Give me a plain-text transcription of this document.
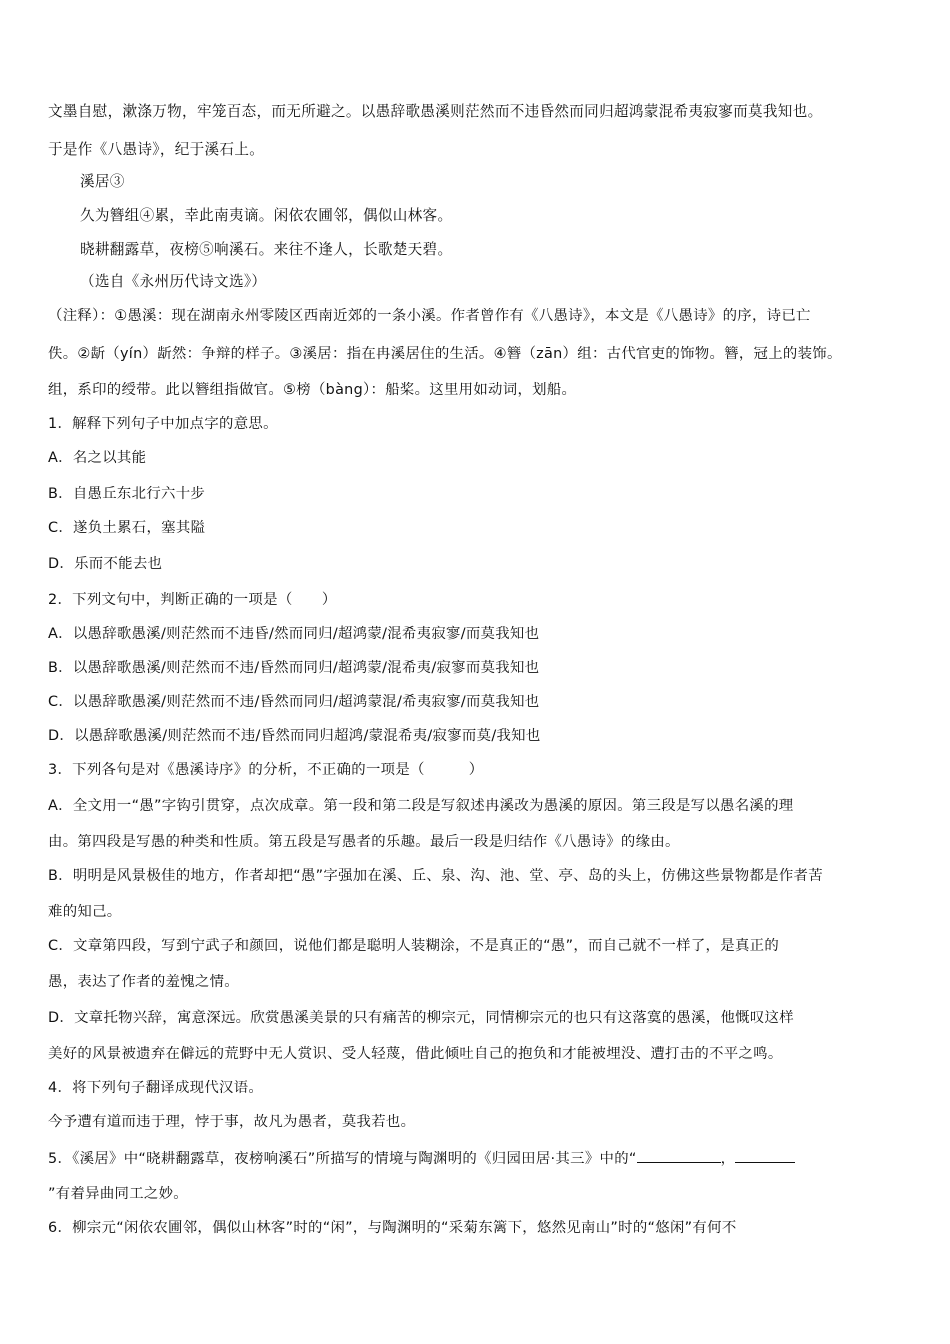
文墨自慰，漱涤万物，牢笼百态，而无所避之。以愚辞歌愚溪则茫然而不违昏然而同归超鸿蒙混希夷寂寥而莫我知也。
于是作《八愚诗》，纪于溪石上。
溪居③
久为簪组④累，幸此南夷谪。闲依农圃邻，偶似山林客。
晓耕翻露草，夜榜⑤响溪石。来往不逢人，长歌楚天碧。
（选自《永州历代诗文选》）
（注释）：①愚溪：现在湖南永州零陵区西南近郊的一条小溪。作者曾作有《八愚诗》，本文是《八愚诗》的序，诗已亡
佚。②龂（yín）龂然：争辩的样子。③溪居：指在冉溪居住的生活。④簪（zān）组：古代官吏的饰物。簪，冠上的装饰。
组，系印的绶带。此以簪组指做官。⑤榜（bàng）：船桨。这里用如动词，划船。
1．解释下列句子中加点字的意思。
A．名之以其能
B．自愚丘东北行六十步
C．遂负土累石，塞其隘
D．乐而不能去也
2．下列文句中，判断正确的一项是（　　）
A．以愚辞歌愚溪/则茫然而不违昏/然而同归/超鸿蒙/混希夷寂寥/而莫我知也
B．以愚辞歌愚溪/则茫然而不违/昏然而同归/超鸿蒙/混希夷/寂寥而莫我知也
C．以愚辞歌愚溪/则茫然而不违/昏然而同归/超鸿蒙混/希夷寂寥/而莫我知也
D．以愚辞歌愚溪/则茫然而不违/昏然而同归超鸿/蒙混希夷/寂寥而莫/我知也
3．下列各句是对《愚溪诗序》的分析，不正确的一项是（　　　）
A．全文用一“愚”字钩引贯穿，点次成章。第一段和第二段是写叙述冉溪改为愚溪的原因。第三段是写以愚名溪的理
由。第四段是写愚的种类和性质。第五段是写愚者的乐趣。最后一段是归结作《八愚诗》的缘由。
B．明明是风景极佳的地方，作者却把“愚”字强加在溪、丘、泉、沟、池、堂、亭、岛的头上，仿佛这些景物都是作者苦
难的知己。
C．文章第四段，写到宁武子和颜回，说他们都是聪明人装糊涂，不是真正的“愚”，而自己就不一样了，是真正的
愚，表达了作者的羞愧之情。
D．文章托物兴辞，寓意深远。欣赏愚溪美景的只有痛苦的柳宗元，同情柳宗元的也只有这落寞的愚溪，他慨叹这样
美好的风景被遗弃在僻远的荒野中无人赏识、受人轻蔑，借此倾吐自己的抱负和才能被埋没、遭打击的不平之鸣。
4．将下列句子翻译成现代汉语。
今予遭有道而违于理，悖于事，故凡为愚者，莫我若也。
5．《溪居》中“晓耕翻露草，夜榜响溪石”所描写的情境与陶渊明的《归园田居·其三》中的“	，
”有着异曲同工之妙。
6．柳宗元“闲依农圃邻，偶似山林客”时的“闲”，与陶渊明的“采菊东篱下，悠然见南山”时的“悠闲”有何不
